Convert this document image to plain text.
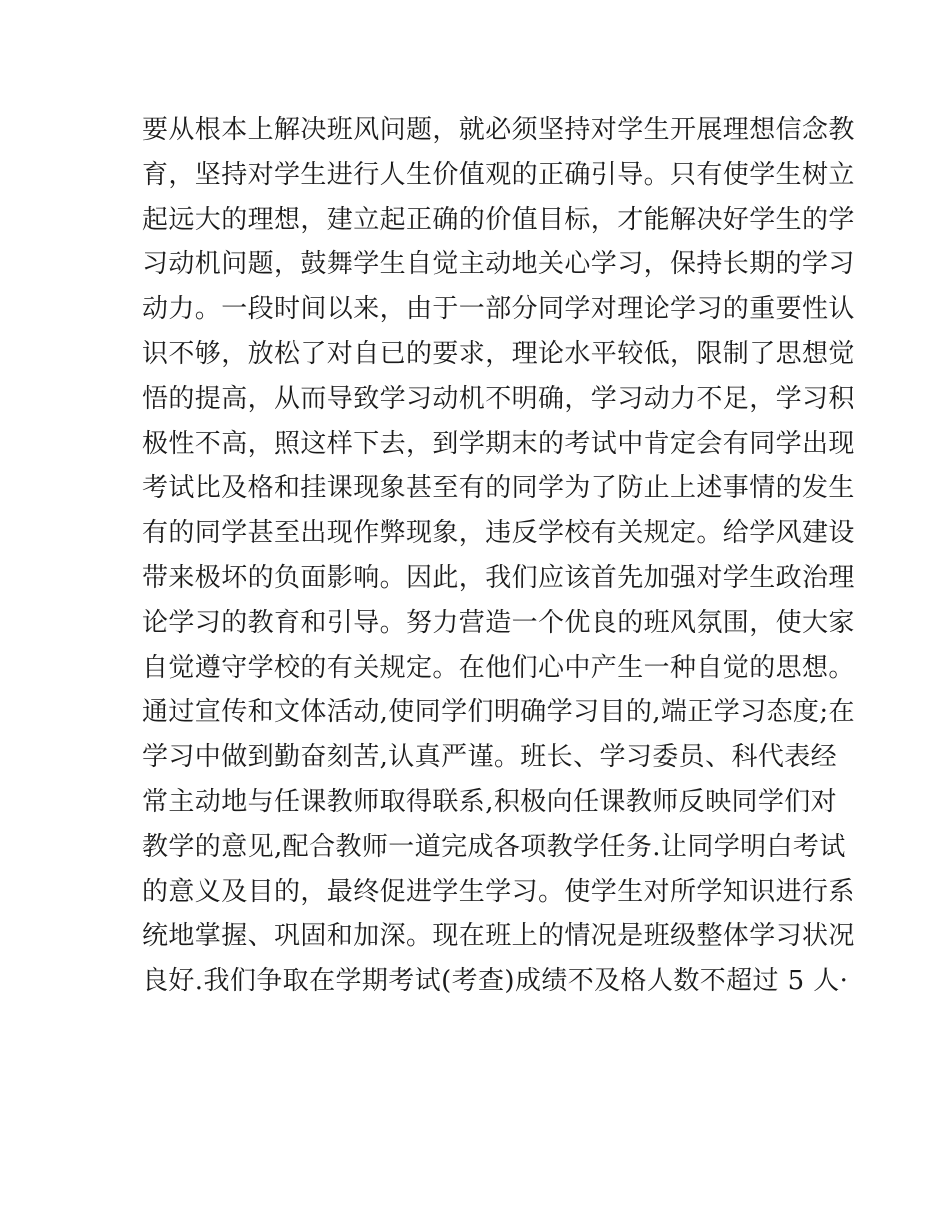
要从根本上解决班风问题，就必须坚持对学生开展理想信念教
育，坚持对学生进行人生价值观的正确引导。只有使学生树立
起远大的理想，建立起正确的价值目标，才能解决好学生的学
习动机问题，鼓舞学生自觉主动地关心学习，保持长期的学习
动力。一段时间以来，由于一部分同学对理论学习的重要性认
识不够，放松了对自已的要求，理论水平较低，限制了思想觉
悟的提高，从而导致学习动机不明确，学习动力不足，学习积
极性不高，照这样下去，到学期末的考试中肯定会有同学出现
考试比及格和挂课现象甚至有的同学为了防止上述事情的发生
有的同学甚至出现作弊现象，违反学校有关规定。给学风建设
带来极坏的负面影响。因此，我们应该首先加强对学生政治理
论学习的教育和引导。努力营造一个优良的班风氛围，使大家
自觉遵守学校的有关规定。在他们心中产生一种自觉的思想。
通过宣传和文体活动,使同学们明确学习目的,端正学习态度;在
学习中做到勤奋刻苦,认真严谨。班长、学习委员、科代表经
常主动地与任课教师取得联系,积极向任课教师反映同学们对
教学的意见,配合教师一道完成各项教学任务.让同学明白考试
的意义及目的，最终促进学生学习。使学生对所学知识进行系
统地掌握、巩固和加深。现在班上的情况是班级整体学习状况
良好.我们争取在学期考试(考查)成绩不及格人数不超过 5 人·
